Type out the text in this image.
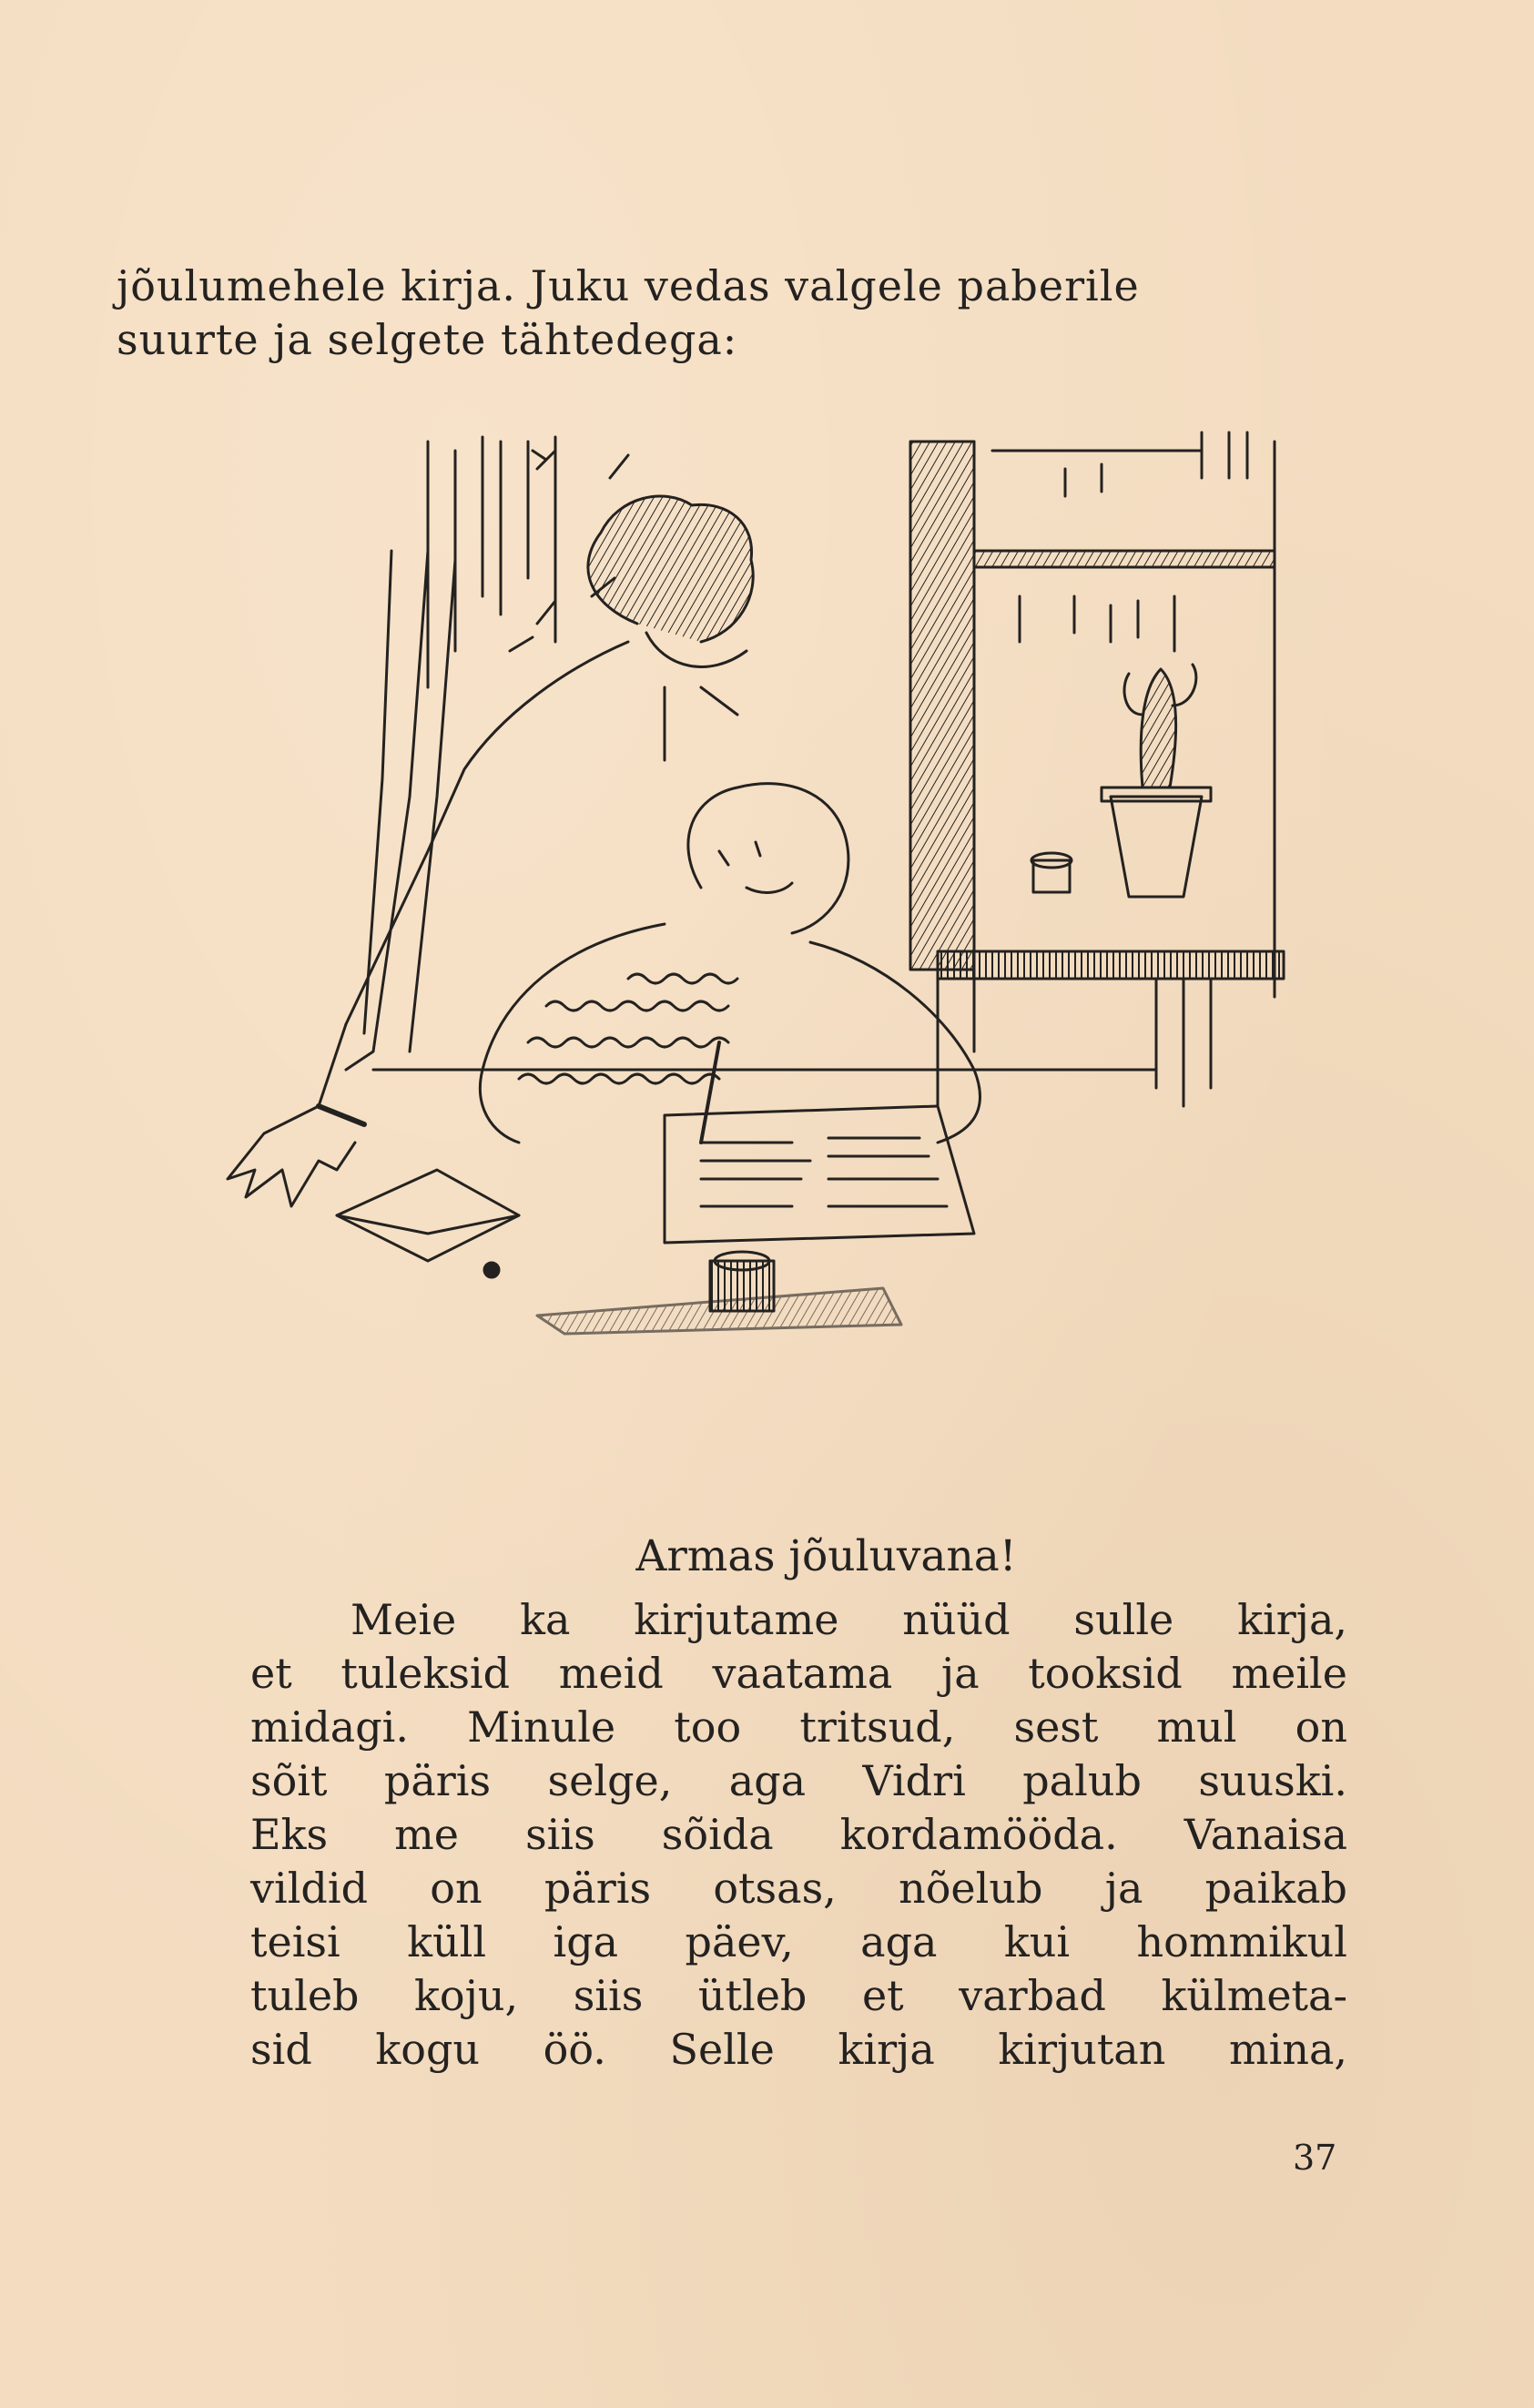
jõulumehele kirja. Juku vedas valgele paberile
suurte ja selgete tähtedega:
Armas jõuluvana!
Meie ka kirjutame nüüd sulle kirja,
et tuleksid meid vaatama ja tooksid meile
midagi. Minule too tritsud, sest mul on
sõit päris selge, aga Vidri palub suuski.
Eks me siis sõida kordamööda. Vanaisa
vildid on päris otsas, nõelub ja paikab
teisi küll iga päev, aga kui hommikul
tuleb koju, siis ütleb et varbad külmeta-
sid kogu öö. Selle kirja kirjutan mina,
37
